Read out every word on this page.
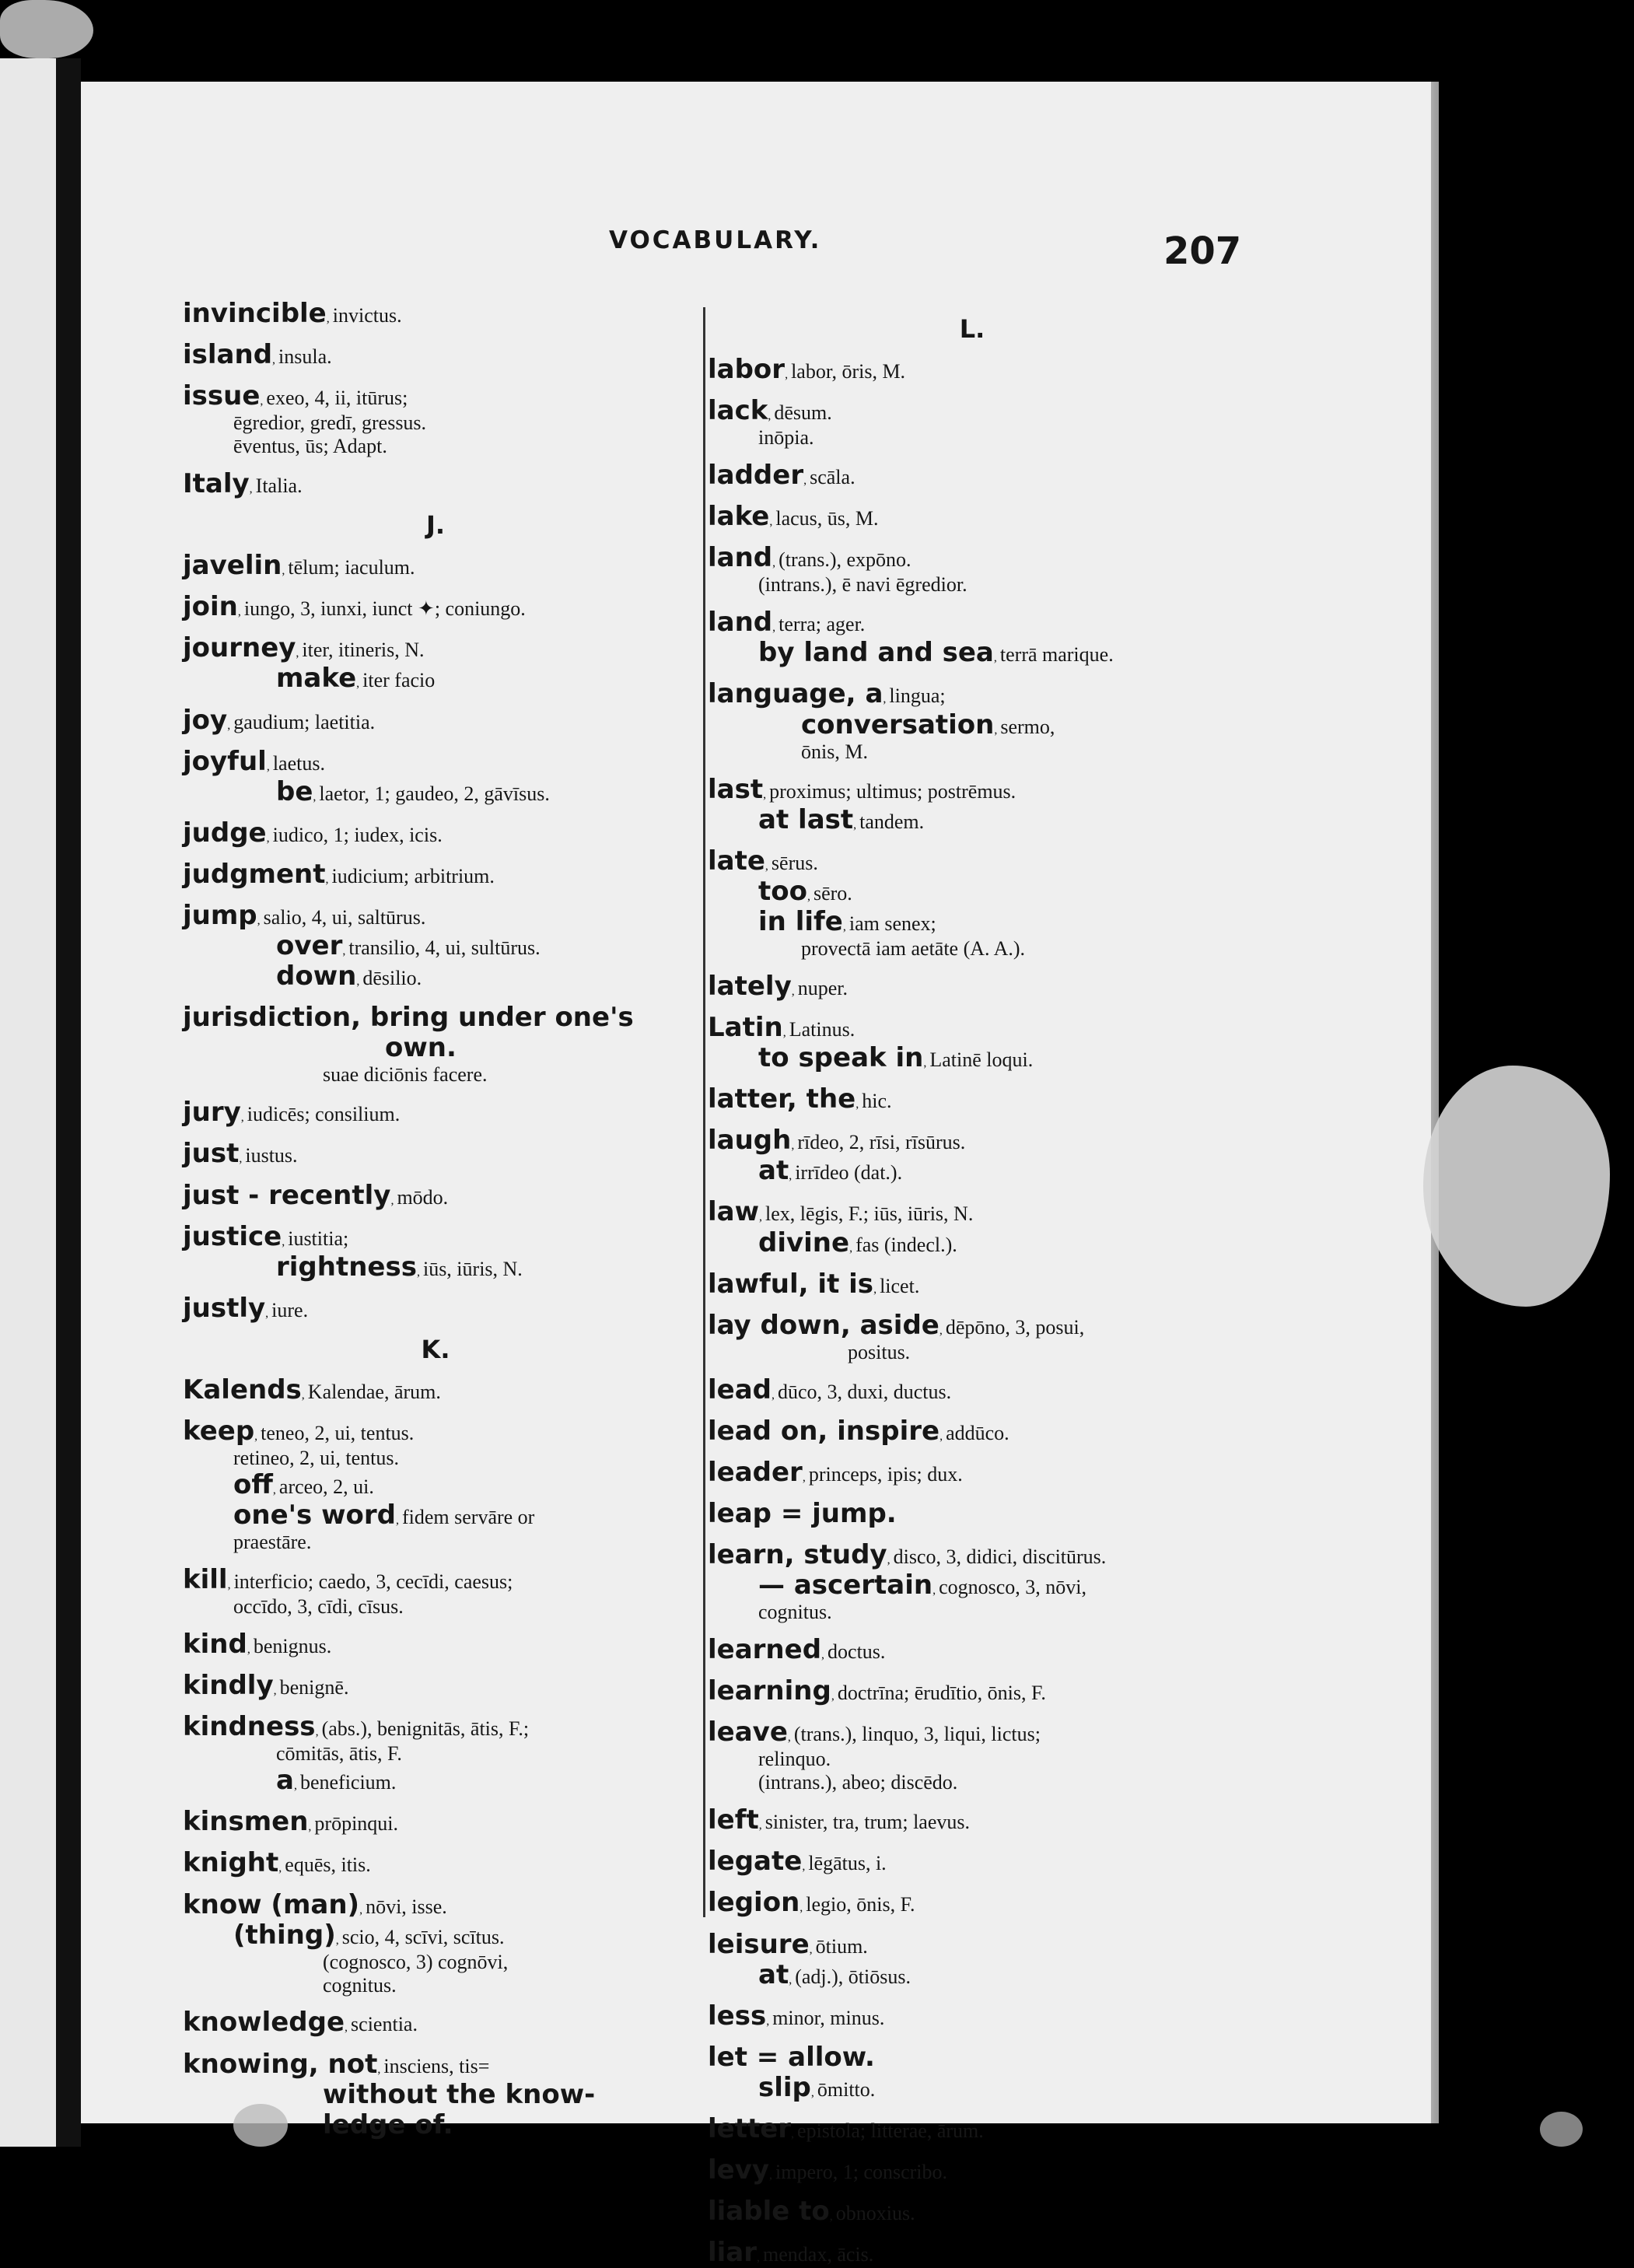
VOCABULARY.	207
invincible, invictus.
island, insula.
issue, exeo, 4, ii, itūrus;
ēgredior, gredī, gressus.
ēventus, ūs; Adapt.
Italy, Italia.
J.
javelin, tēlum; iaculum.
join, iungo, 3, iunxi, iunct ✦; coniungo.
journey, iter, itineris, N.
make, iter facio
joy, gaudium; laetitia.
joyful, laetus.
be, laetor, 1; gaudeo, 2, gāvīsus.
judge, iudico, 1; iudex, icis.
judgment, iudicium; arbitrium.
jump, salio, 4, ui, saltūrus.
over, transilio, 4, ui, sultūrus.
down, dēsilio.
jurisdiction, bring under one's
own.
suae diciōnis facere.
jury, iudicēs; consilium.
just, iustus.
just - recently, mōdo.
justice, iustitia;
rightness, iūs, iūris, N.
justly, iure.
K.
Kalends, Kalendae, ārum.
keep, teneo, 2, ui, tentus.
retineo, 2, ui, tentus.
off, arceo, 2, ui.
one's word, fidem servāre or
praestāre.
kill, interficio; caedo, 3, cecīdi, caesus;
occīdo, 3, cīdi, cīsus.
kind, benignus.
kindly, benignē.
kindness, (abs.), benignitās, ātis, F.;
cōmitās, ātis, F.
a, beneficium.
kinsmen, prōpinqui.
knight, equēs, itis.
know (man), nōvi, isse.
(thing), scio, 4, scīvi, scītus.
(cognosco, 3) cognōvi,
cognitus.
knowledge, scientia.
knowing, not, insciens, tis=
without the know-
ledge of.
L.
labor, labor, ōris, M.
lack, dēsum.
inōpia.
ladder, scāla.
lake, lacus, ūs, M.
land, (trans.), expōno.
(intrans.), ē navi ēgredior.
land, terra; ager.
by land and sea, terrā marique.
language, a, lingua;
conversation, sermo,
ōnis, M.
last, proximus; ultimus; postrēmus.
at last, tandem.
late, sērus.
too, sēro.
in life, iam senex;
provectā iam aetāte (A. A.).
lately, nuper.
Latin, Latinus.
to speak in, Latinē loqui.
latter, the, hic.
laugh, rīdeo, 2, rīsi, rīsūrus.
at, irrīdeo (dat.).
law, lex, lēgis, F.; iūs, iūris, N.
divine, fas (indecl.).
lawful, it is, licet.
lay down, aside, dēpōno, 3, posui,
positus.
lead, dūco, 3, duxi, ductus.
lead on, inspire, addūco.
leader, princeps, ipis; dux.
leap = jump.
learn, study, disco, 3, didici, discitūrus.
— ascertain, cognosco, 3, nōvi,
cognitus.
learned, doctus.
learning, doctrīna; ērudītio, ōnis, F.
leave, (trans.), linquo, 3, liqui, lictus;
relinquo.
(intrans.), abeo; discēdo.
left, sinister, tra, trum; laevus.
legate, lēgātus, i.
legion, legio, ōnis, F.
leisure, ōtium.
at, (adj.), ōtiōsus.
less, minor, minus.
let = allow.
slip, ōmitto.
letter, epistola; litterae, ārum.
levy, impero, 1; conscribo.
liable to, obnoxius.
liar, mendax, ācis.
